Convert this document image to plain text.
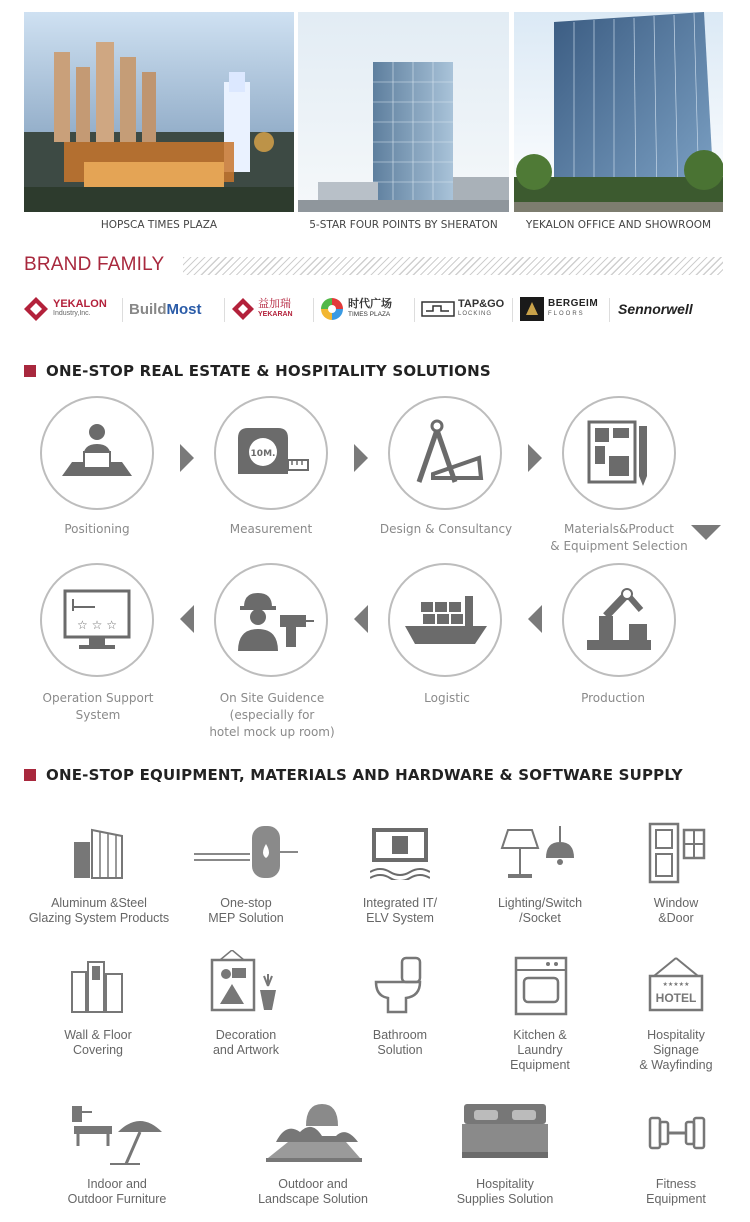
HOPSCA TIMES PLAZA	5-STAR FOUR POINTS BY SHERATON	YEKALON OFFICE AND SHOWROOM
BRAND FAMILY
YEKALON
Industry,Inc.	Build Most	益加瑞
YEKARAN
时代广场
TIMES PLAZA
TAP&GO
LOCKING
BERGEIM
FLOORS	Sennorwell
ONE-STOP REAL ESTATE & HOSPITALITY SOLUTIONS
10M.
Positioning	Measurement	Design & Consultancy	Materials&Product
& Equipment Selection
☆ ☆ ☆
Operation Support
System
On Site Guidence
(especially for
hotel mock up room)
Logistic	Production
ONE-STOP EQUIPMENT, MATERIALS AND HARDWARE & SOFTWARE SUPPLY
Aluminum &Steel
Glazing System Products
One-stop
MEP Solution
Integrated IT/
ELV System
Lighting/Switch
/Socket
Window
&Door
★★★★★
HOTEL
Wall & Floor
Covering
Decoration
and Artwork
Bathroom
Solution
Kitchen &
Laundry
Equipment
Hospitality
Signage
& Wayfinding
Indoor and
Outdoor Furniture
Outdoor and
Landscape Solution
Hospitality
Supplies Solution
Fitness
Equipment
